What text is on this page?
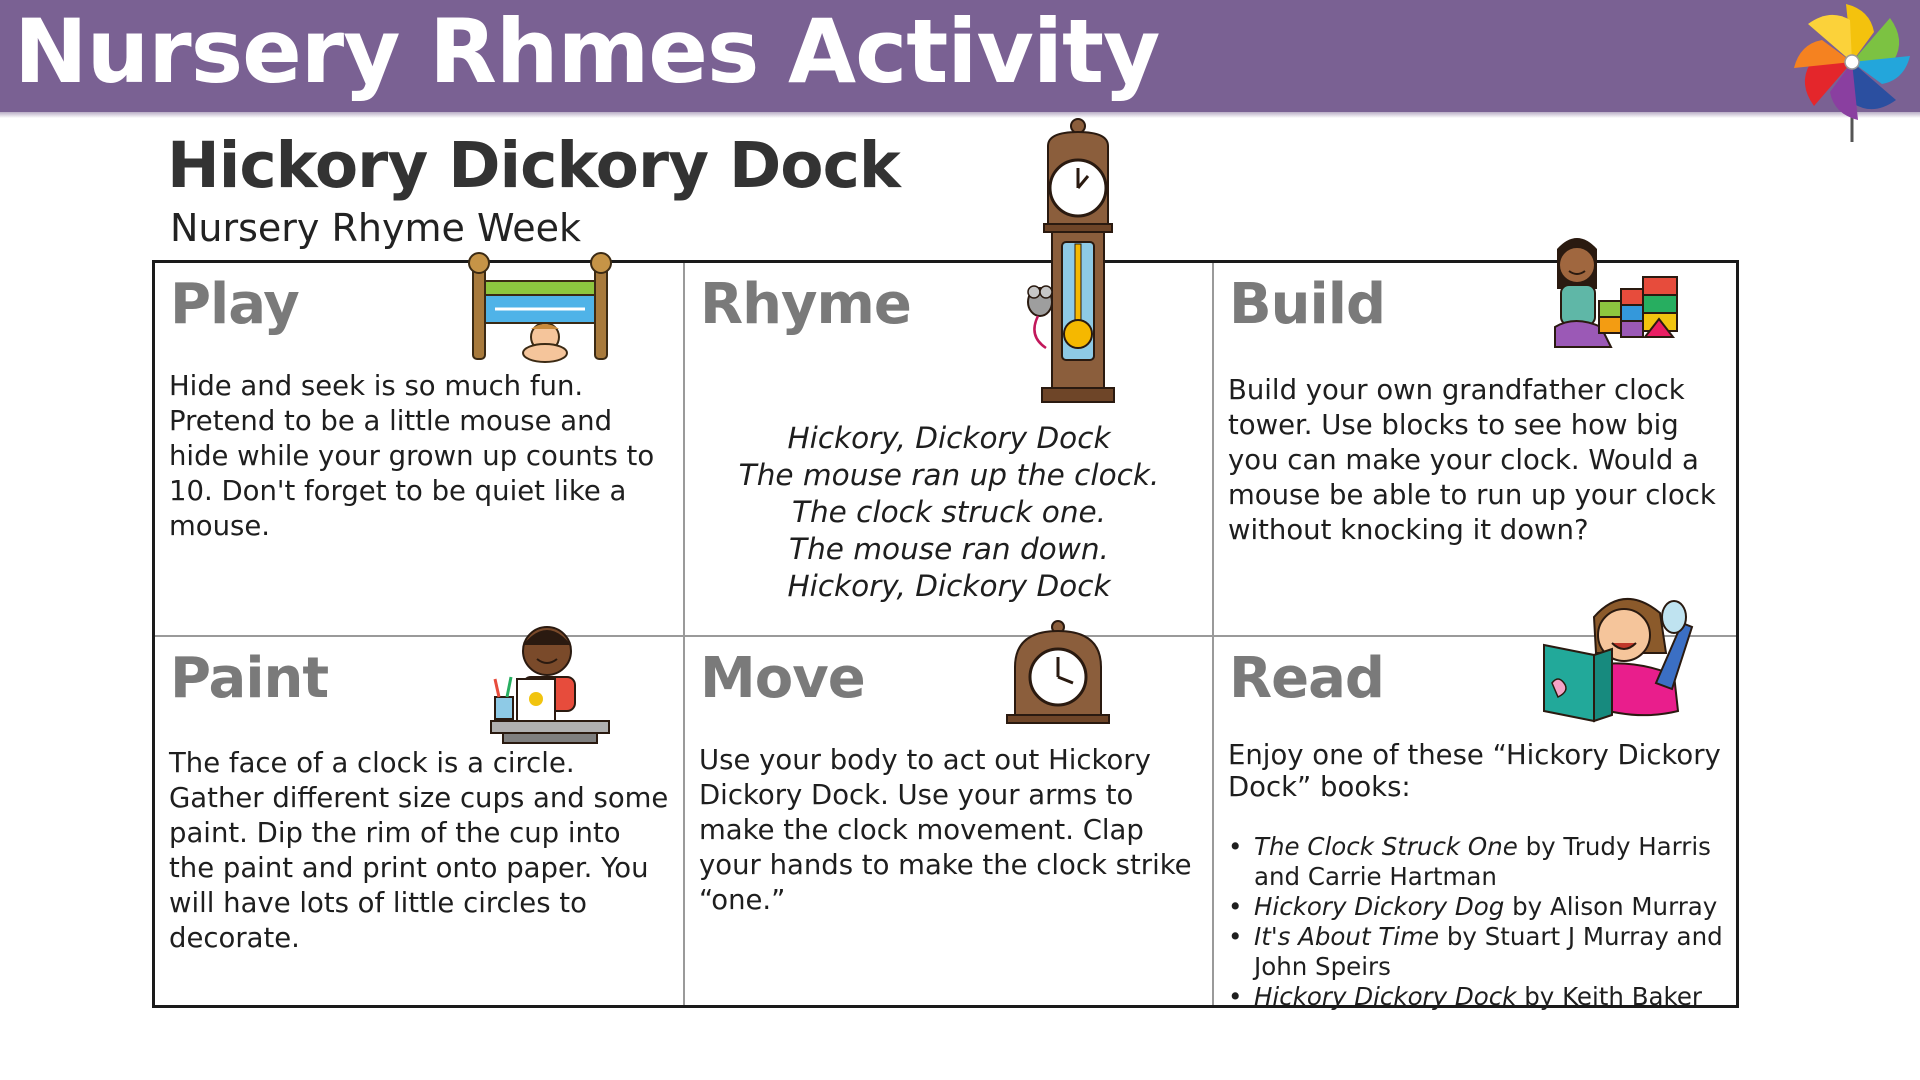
Nursery Rhmes Activity
Hickory Dickory Dock
Nursery Rhyme Week
Play
Hide and seek is so much fun. Pretend to be a little mouse and hide while your grown up counts to 10. Don't forget to be quiet like a mouse.
Rhyme
Hickory, Dickory Dock
The mouse ran up the clock.
The clock struck one.
The mouse ran down.
Hickory, Dickory Dock
Build
Build your own grandfather clock tower. Use blocks to see how big you can make your clock. Would a mouse be able to run up your clock without knocking it down?
Paint
The face of a clock is a circle. Gather different size cups and some paint. Dip the rim of the cup into the paint and print onto paper. You will have lots of little circles to decorate.
Move
Use your body to act out Hickory Dickory Dock. Use your arms to make the clock movement. Clap your hands to make the clock strike “one.”
Read
Enjoy one of these “Hickory Dickory Dock” books:
• The Clock Struck One by Trudy Harris and Carrie Hartman
• Hickory Dickory Dog by Alison Murray
• It's About Time by Stuart J Murray and John Speirs
• Hickory Dickory Dock by Keith Baker
